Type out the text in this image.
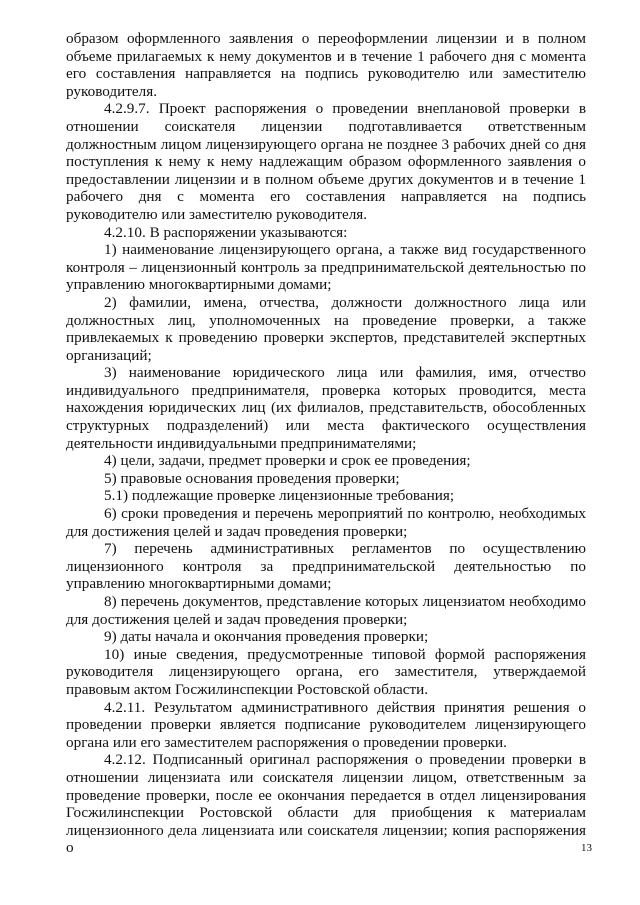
образом оформленного заявления о переоформлении лицензии и в полном объеме прилагаемых к нему документов и в течение 1 рабочего дня с момента его составления направляется на подпись руководителю или заместителю руководителя.

4.2.9.7. Проект распоряжения о проведении внеплановой проверки в отношении соискателя лицензии подготавливается ответственным должностным лицом лицензирующего органа не позднее 3 рабочих дней со дня поступления к нему к нему надлежащим образом оформленного заявления о предоставлении лицензии и в полном объеме других документов и в течение 1 рабочего дня с момента его составления направляется на подпись руководителю или заместителю руководителя.

4.2.10. В распоряжении указываются:

1) наименование лицензирующего органа, а также вид государственного контроля – лицензионный контроль за предпринимательской деятельностью по управлению многоквартирными домами;

2) фамилии, имена, отчества, должности должностного лица или должностных лиц, уполномоченных на проведение проверки, а также привлекаемых к проведению проверки экспертов, представителей экспертных организаций;

3) наименование юридического лица или фамилия, имя, отчество индивидуального предпринимателя, проверка которых проводится, места нахождения юридических лиц (их филиалов, представительств, обособленных структурных подразделений) или места фактического осуществления деятельности индивидуальными предпринимателями;

4) цели, задачи, предмет проверки и срок ее проведения;

5) правовые основания проведения проверки;

5.1) подлежащие проверке лицензионные требования;

6) сроки проведения и перечень мероприятий по контролю, необходимых для достижения целей и задач проведения проверки;

7) перечень административных регламентов по осуществлению лицензионного контроля за предпринимательской деятельностью по управлению многоквартирными домами;

8) перечень документов, представление которых лицензиатом необходимо для достижения целей и задач проведения проверки;

9) даты начала и окончания проведения проверки;

10) иные сведения, предусмотренные типовой формой распоряжения руководителя лицензирующего органа, его заместителя, утверждаемой правовым актом Госжилинспекции Ростовской области.

4.2.11. Результатом административного действия принятия решения о проведении проверки является подписание руководителем лицензирующего органа или его заместителем распоряжения о проведении проверки.

4.2.12. Подписанный оригинал распоряжения о проведении проверки в отношении лицензиата или соискателя лицензии лицом, ответственным за проведение проверки, после ее окончания передается в отдел лицензирования Госжилинспекции Ростовской области для приобщения к материалам лицензионного дела лицензиата или соискателя лицензии; копия распоряжения о	13
